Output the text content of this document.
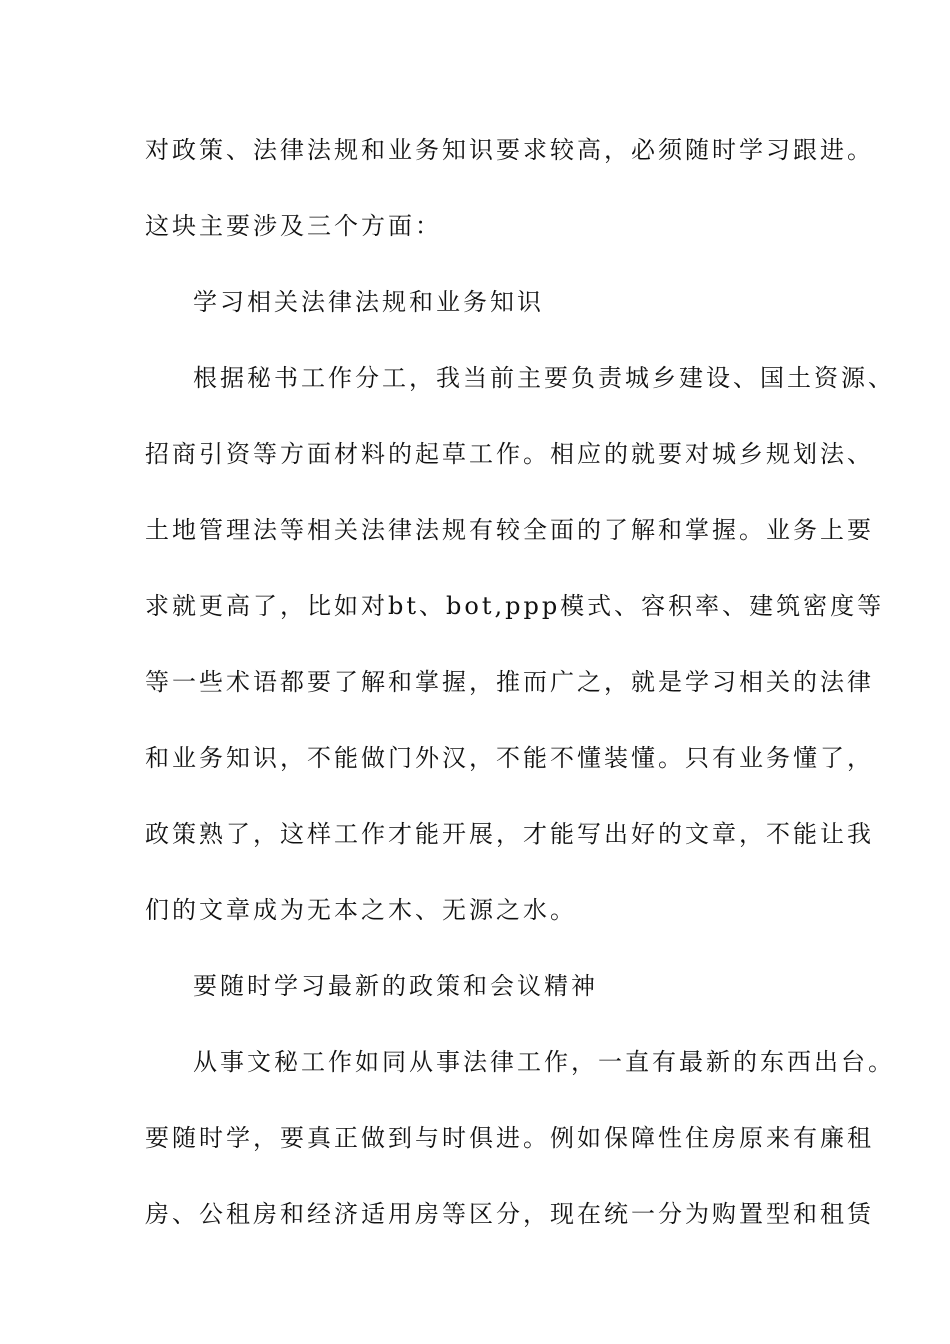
对政策、法律法规和业务知识要求较高，必须随时学习跟进。
这块主要涉及三个方面：
学习相关法律法规和业务知识
根据秘书工作分工，我当前主要负责城乡建设、国土资源、
招商引资等方面材料的起草工作。相应的就要对城乡规划法、
土地管理法等相关法律法规有较全面的了解和掌握。业务上要
求就更高了，比如对bt、bot,ppp模式、容积率、建筑密度等
等一些术语都要了解和掌握，推而广之，就是学习相关的法律
和业务知识，不能做门外汉，不能不懂装懂。只有业务懂了，
政策熟了，这样工作才能开展，才能写出好的文章，不能让我
们的文章成为无本之木、无源之水。
要随时学习最新的政策和会议精神
从事文秘工作如同从事法律工作，一直有最新的东西出台。
要随时学，要真正做到与时俱进。例如保障性住房原来有廉租
房、公租房和经济适用房等区分，现在统一分为购置型和租赁
